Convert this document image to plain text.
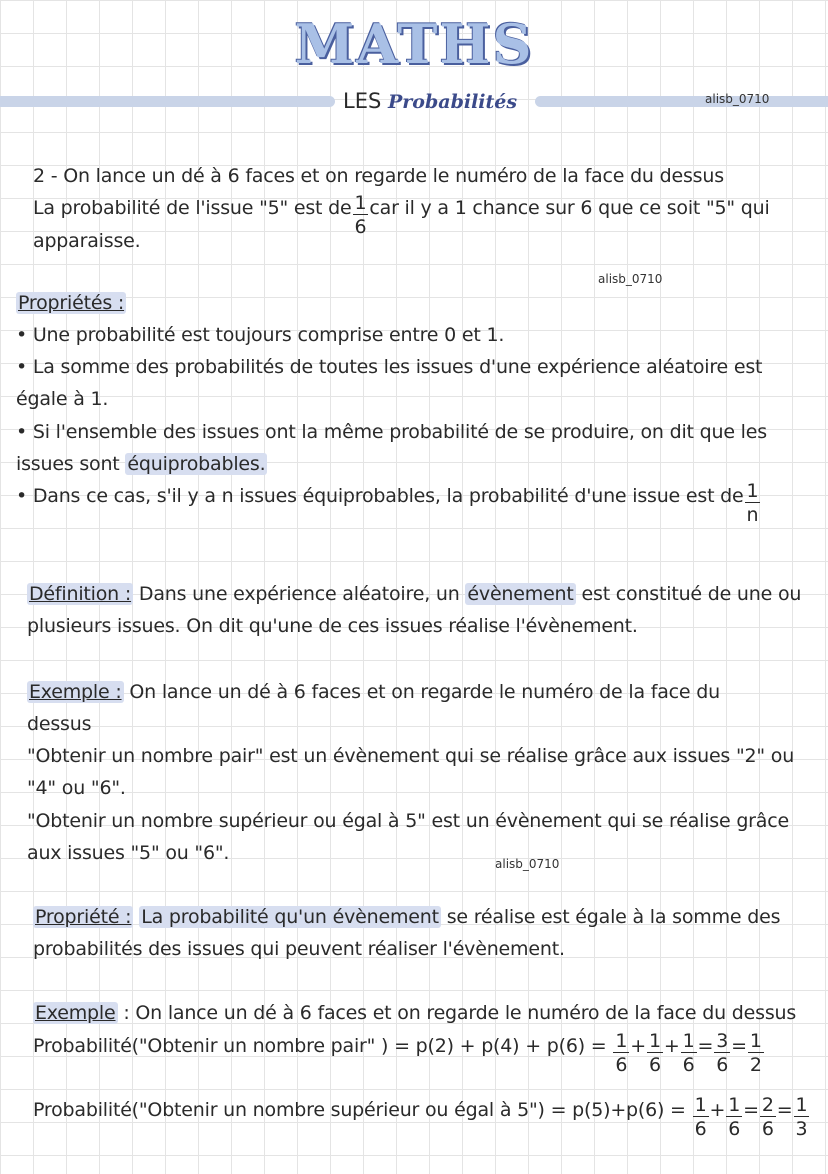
MATHS
LES Probabilités	alisb_0710
2 - On lance un dé à 6 faces et on regarde le numéro de la face du dessus
La probabilité de l'issue "5" est de $\frac{1}{6}$ car il y a 1 chance sur 6 que ce soit "5" qui
apparaisse.
alisb_0710
Propriétés :
• Une probabilité est toujours comprise entre 0 et 1.
• La somme des probabilités de toutes les issues d'une expérience aléatoire est
égale à 1.
• Si l'ensemble des issues ont la même probabilité de se produire, on dit que les
issues sont équiprobables.
• Dans ce cas, s'il y a n issues équiprobables, la probabilité d'une issue est de $\frac{1}{n}$
Définition : Dans une expérience aléatoire, un évènement est constitué de une ou
plusieurs issues. On dit qu'une de ces issues réalise l'évènement.
Exemple : On lance un dé à 6 faces et on regarde le numéro de la face du
dessus
"Obtenir un nombre pair" est un évènement qui se réalise grâce aux issues "2" ou
"4" ou "6".
"Obtenir un nombre supérieur ou égal à 5" est un évènement qui se réalise grâce
aux issues "5" ou "6".	alisb_0710
Propriété : La probabilité qu'un évènement se réalise est égale à la somme des
probabilités des issues qui peuvent réaliser l'évènement.
Exemple : On lance un dé à 6 faces et on regarde le numéro de la face du dessus
Probabilité("Obtenir un nombre pair" ) = $p(2) + p(4) + p(6) = \frac{1}{6} + \frac{1}{6} + \frac{1}{6} = \frac{3}{6} = \frac{1}{2}$
Probabilité("Obtenir un nombre supérieur ou égal à 5") = $p(5)+p(6) = \frac{1}{6} + \frac{1}{6} = \frac{2}{6} = \frac{1}{3}$
